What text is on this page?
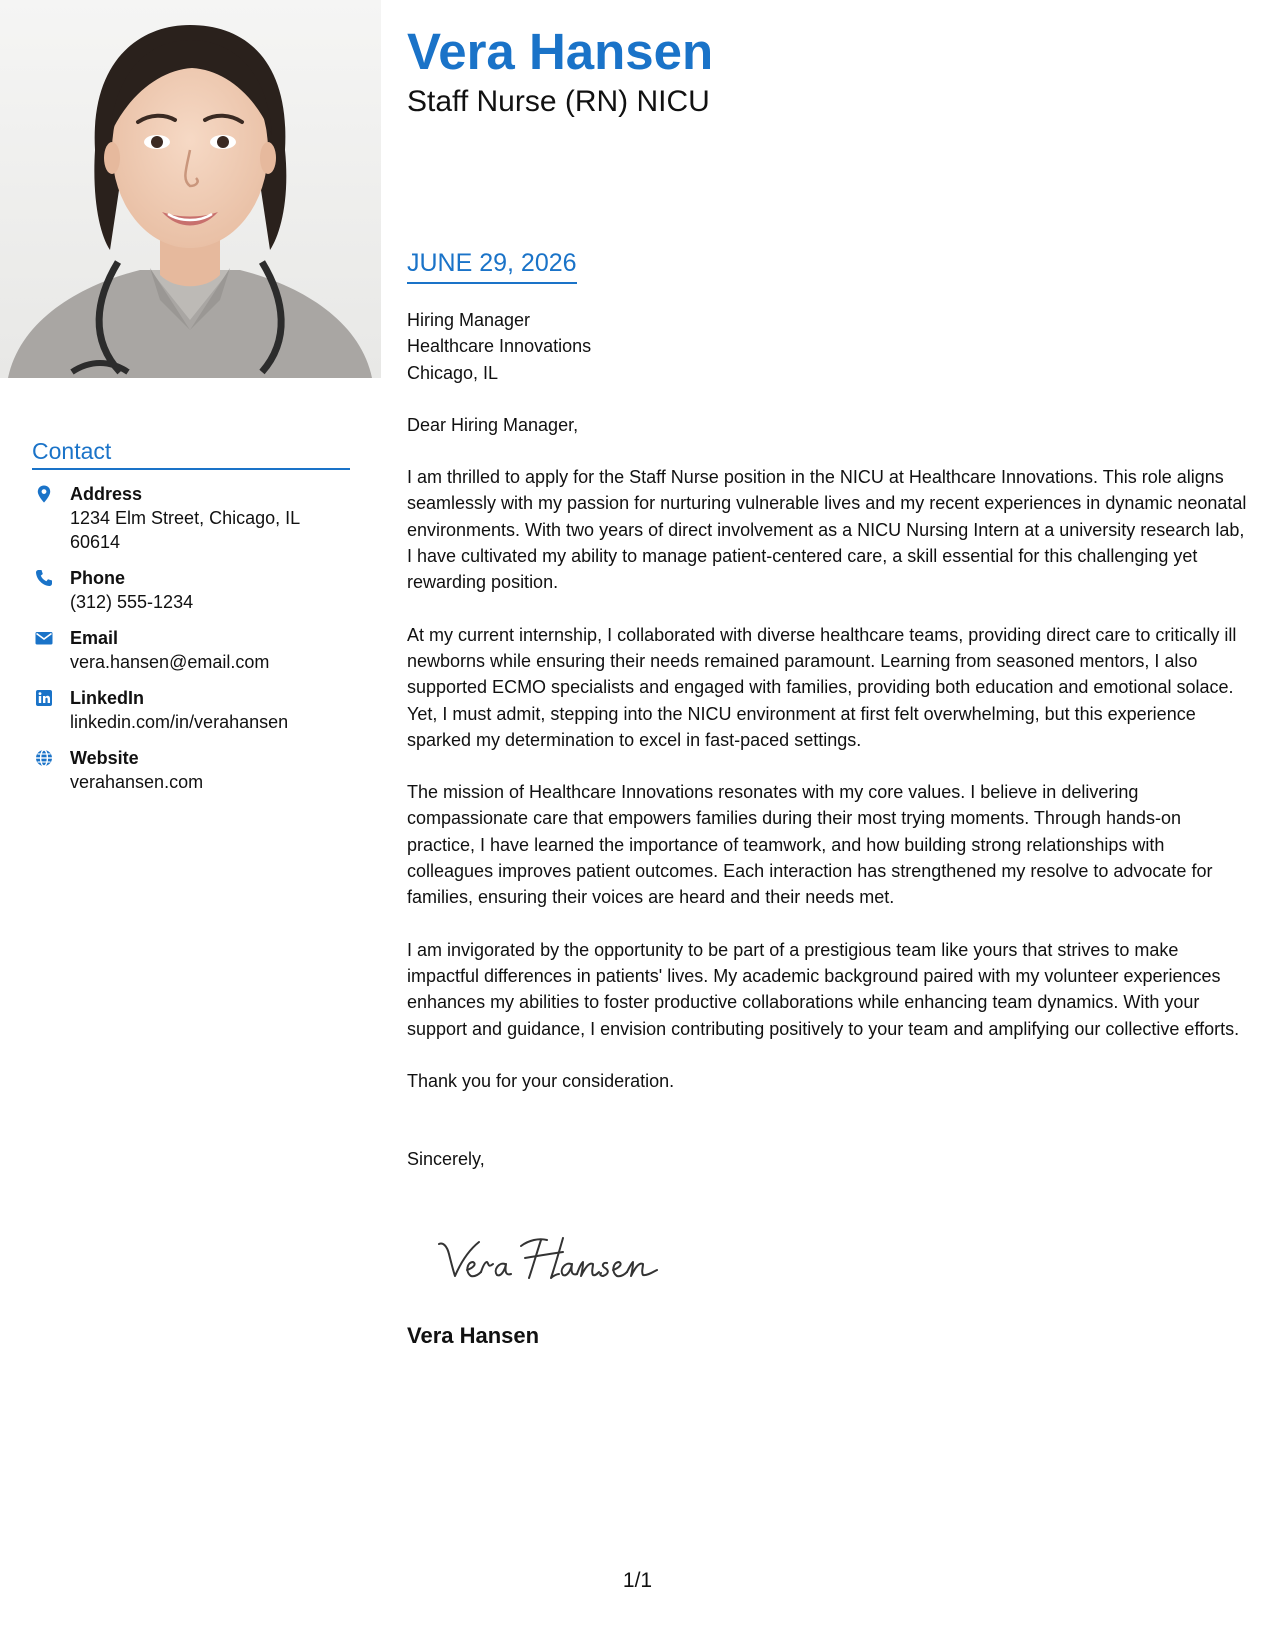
Contact
Address
1234 Elm Street, Chicago, IL 60614
Phone
(312) 555-1234
Email
vera.hansen@email.com
LinkedIn
linkedin.com/in/verahansen
Website
verahansen.com
Vera Hansen
Staff Nurse (RN) NICU
JUNE 29, 2026
Hiring Manager
Healthcare Innovations
Chicago, IL
Dear Hiring Manager,
I am thrilled to apply for the Staff Nurse position in the NICU at Healthcare Innovations. This role aligns seamlessly with my passion for nurturing vulnerable lives and my recent experiences in dynamic neonatal environments. With two years of direct involvement as a NICU Nursing Intern at a university research lab, I have cultivated my ability to manage patient-centered care, a skill essential for this challenging yet rewarding position.
At my current internship, I collaborated with diverse healthcare teams, providing direct care to critically ill newborns while ensuring their needs remained paramount. Learning from seasoned mentors, I also supported ECMO specialists and engaged with families, providing both education and emotional solace. Yet, I must admit, stepping into the NICU environment at first felt overwhelming, but this experience sparked my determination to excel in fast-paced settings.
The mission of Healthcare Innovations resonates with my core values. I believe in delivering compassionate care that empowers families during their most trying moments. Through hands-on practice, I have learned the importance of teamwork, and how building strong relationships with colleagues improves patient outcomes. Each interaction has strengthened my resolve to advocate for families, ensuring their voices are heard and their needs met.
I am invigorated by the opportunity to be part of a prestigious team like yours that strives to make impactful differences in patients' lives. My academic background paired with my volunteer experiences enhances my abilities to foster productive collaborations while enhancing team dynamics. With your support and guidance, I envision contributing positively to your team and amplifying our collective efforts.
Thank you for your consideration.
Sincerely,
Vera Hansen
1/1
